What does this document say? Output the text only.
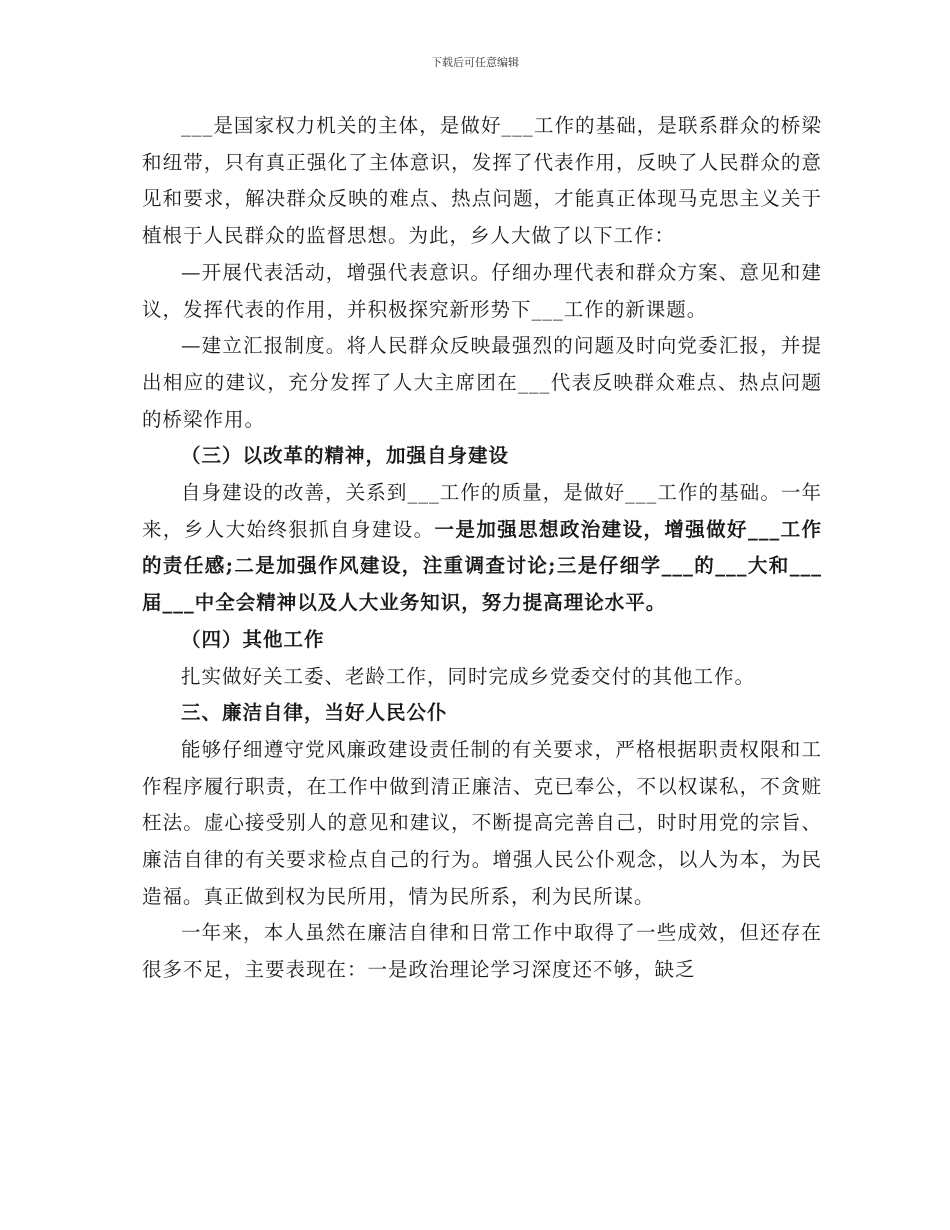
下载后可任意编辑

___是国家权力机关的主体，是做好___工作的基础，是联系群众的桥梁和纽带，只有真正强化了主体意识，发挥了代表作用，反映了人民群众的意见和要求，解决群众反映的难点、热点问题，才能真正体现马克思主义关于植根于人民群众的监督思想。为此，乡人大做了以下工作：

—开展代表活动，增强代表意识。仔细办理代表和群众方案、意见和建议，发挥代表的作用，并积极探究新形势下___工作的新课题。

—建立汇报制度。将人民群众反映最强烈的问题及时向党委汇报，并提出相应的建议，充分发挥了人大主席团在___代表反映群众难点、热点问题的桥梁作用。

（三）以改革的精神，加强自身建设

自身建设的改善，关系到___工作的质量，是做好___工作的基础。一年来，乡人大始终狠抓自身建设。一是加强思想政治建设，增强做好___工作的责任感;二是加强作风建设，注重调查讨论;三是仔细学___的___大和___届___中全会精神以及人大业务知识，努力提高理论水平。

（四）其他工作

扎实做好关工委、老龄工作，同时完成乡党委交付的其他工作。

三、廉洁自律，当好人民公仆

能够仔细遵守党风廉政建设责任制的有关要求，严格根据职责权限和工作程序履行职责，在工作中做到清正廉洁、克已奉公，不以权谋私，不贪赃枉法。虚心接受别人的意见和建议，不断提高完善自己，时时用党的宗旨、廉洁自律的有关要求检点自己的行为。增强人民公仆观念，以人为本，为民造福。真正做到权为民所用，情为民所系，利为民所谋。

一年来，本人虽然在廉洁自律和日常工作中取得了一些成效，但还存在很多不足，主要表现在：一是政治理论学习深度还不够，缺乏
